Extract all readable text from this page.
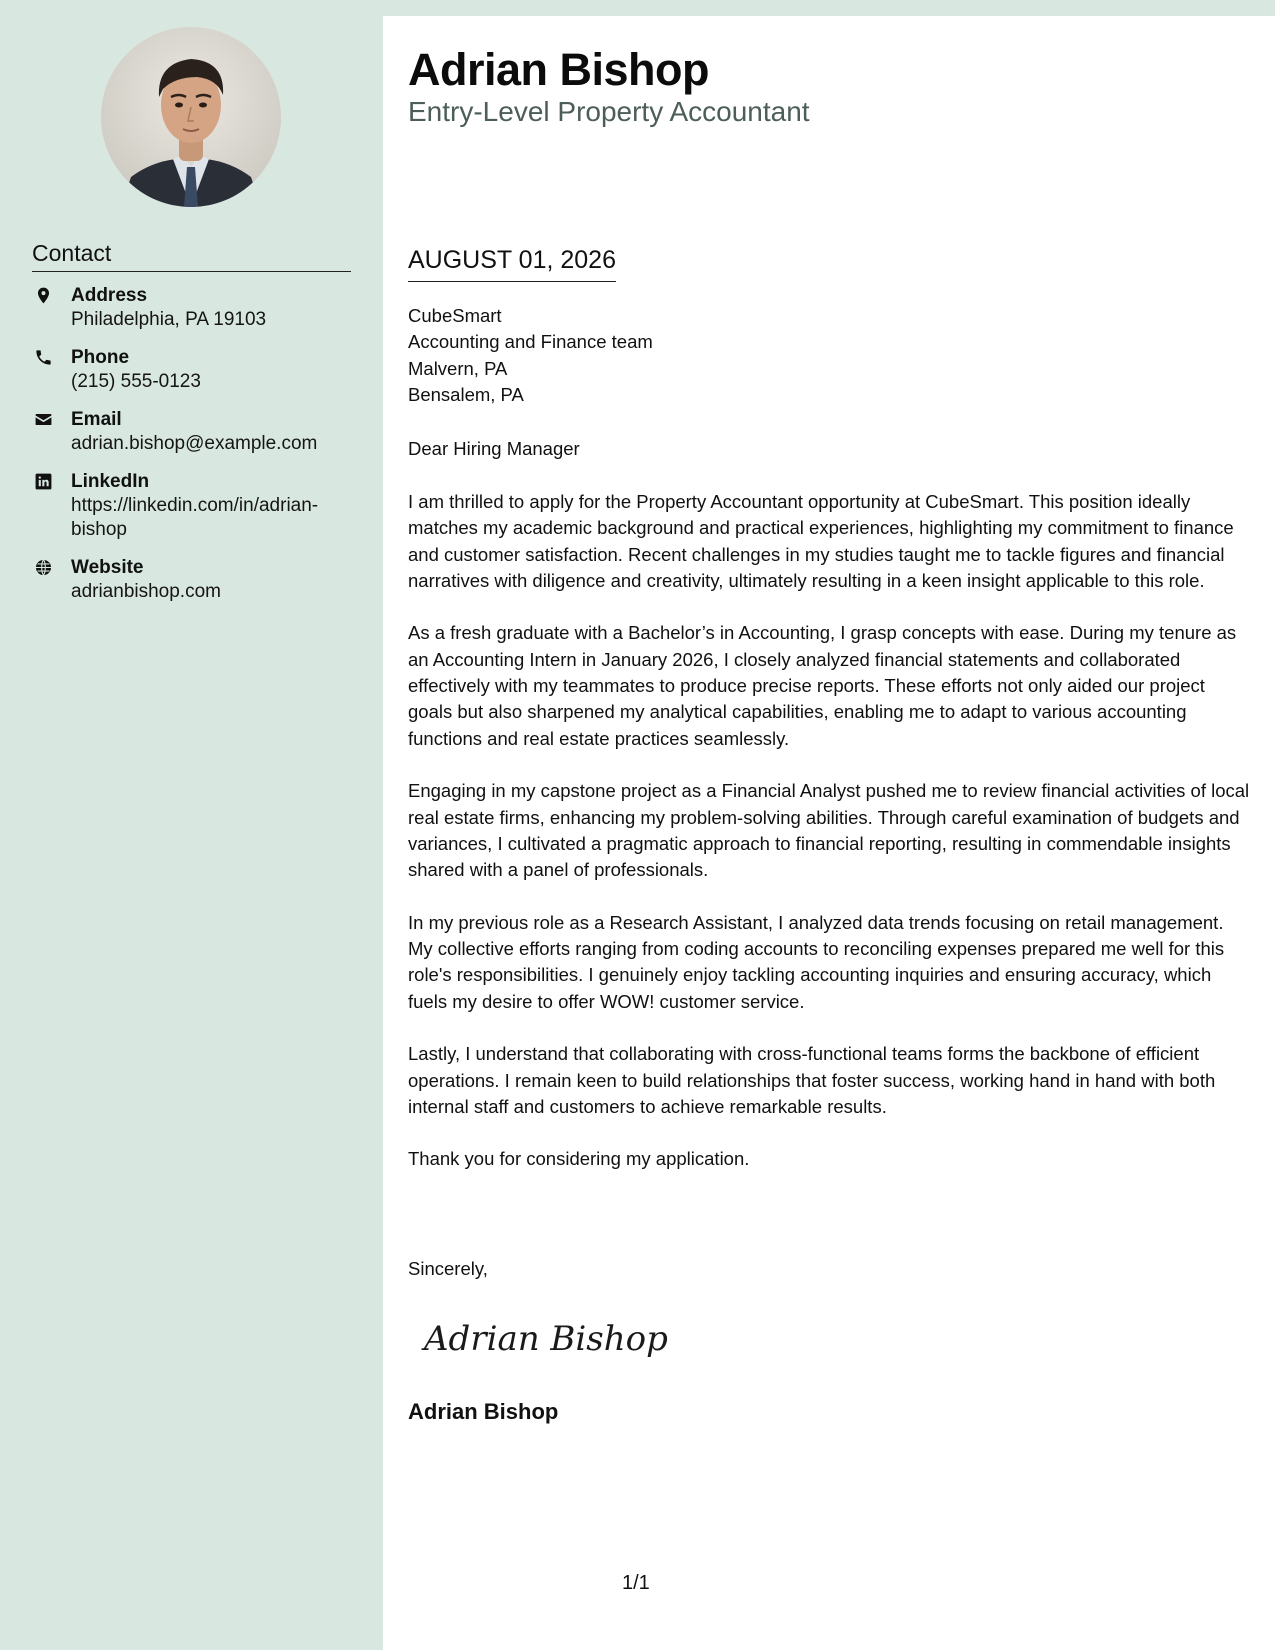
Contact
Address
Philadelphia, PA 19103
Phone
(215) 555-0123
Email
adrian.bishop@example.com
LinkedIn
https://linkedin.com/in/adrian-bishop
Website
adrianbishop.com
Adrian Bishop
Entry-Level Property Accountant
AUGUST 01, 2026
CubeSmart
Accounting and Finance team
Malvern, PA
Bensalem, PA
Dear Hiring Manager

I am thrilled to apply for the Property Accountant opportunity at CubeSmart. This position ideally matches my academic background and practical experiences, highlighting my commitment to finance and customer satisfaction. Recent challenges in my studies taught me to tackle figures and financial narratives with diligence and creativity, ultimately resulting in a keen insight applicable to this role.

As a fresh graduate with a Bachelor’s in Accounting, I grasp concepts with ease. During my tenure as an Accounting Intern in January 2026, I closely analyzed financial statements and collaborated effectively with my teammates to produce precise reports. These efforts not only aided our project goals but also sharpened my analytical capabilities, enabling me to adapt to various accounting functions and real estate practices seamlessly.

Engaging in my capstone project as a Financial Analyst pushed me to review financial activities of local real estate firms, enhancing my problem-solving abilities. Through careful examination of budgets and variances, I cultivated a pragmatic approach to financial reporting, resulting in commendable insights shared with a panel of professionals.

In my previous role as a Research Assistant, I analyzed data trends focusing on retail management. My collective efforts ranging from coding accounts to reconciling expenses prepared me well for this role's responsibilities. I genuinely enjoy tackling accounting inquiries and ensuring accuracy, which fuels my desire to offer WOW! customer service.

Lastly, I understand that collaborating with cross-functional teams forms the backbone of efficient operations. I remain keen to build relationships that foster success, working hand in hand with both internal staff and customers to achieve remarkable results.

Thank you for considering my application.

Sincerely,
Adrian Bishop
Adrian Bishop
1/1
